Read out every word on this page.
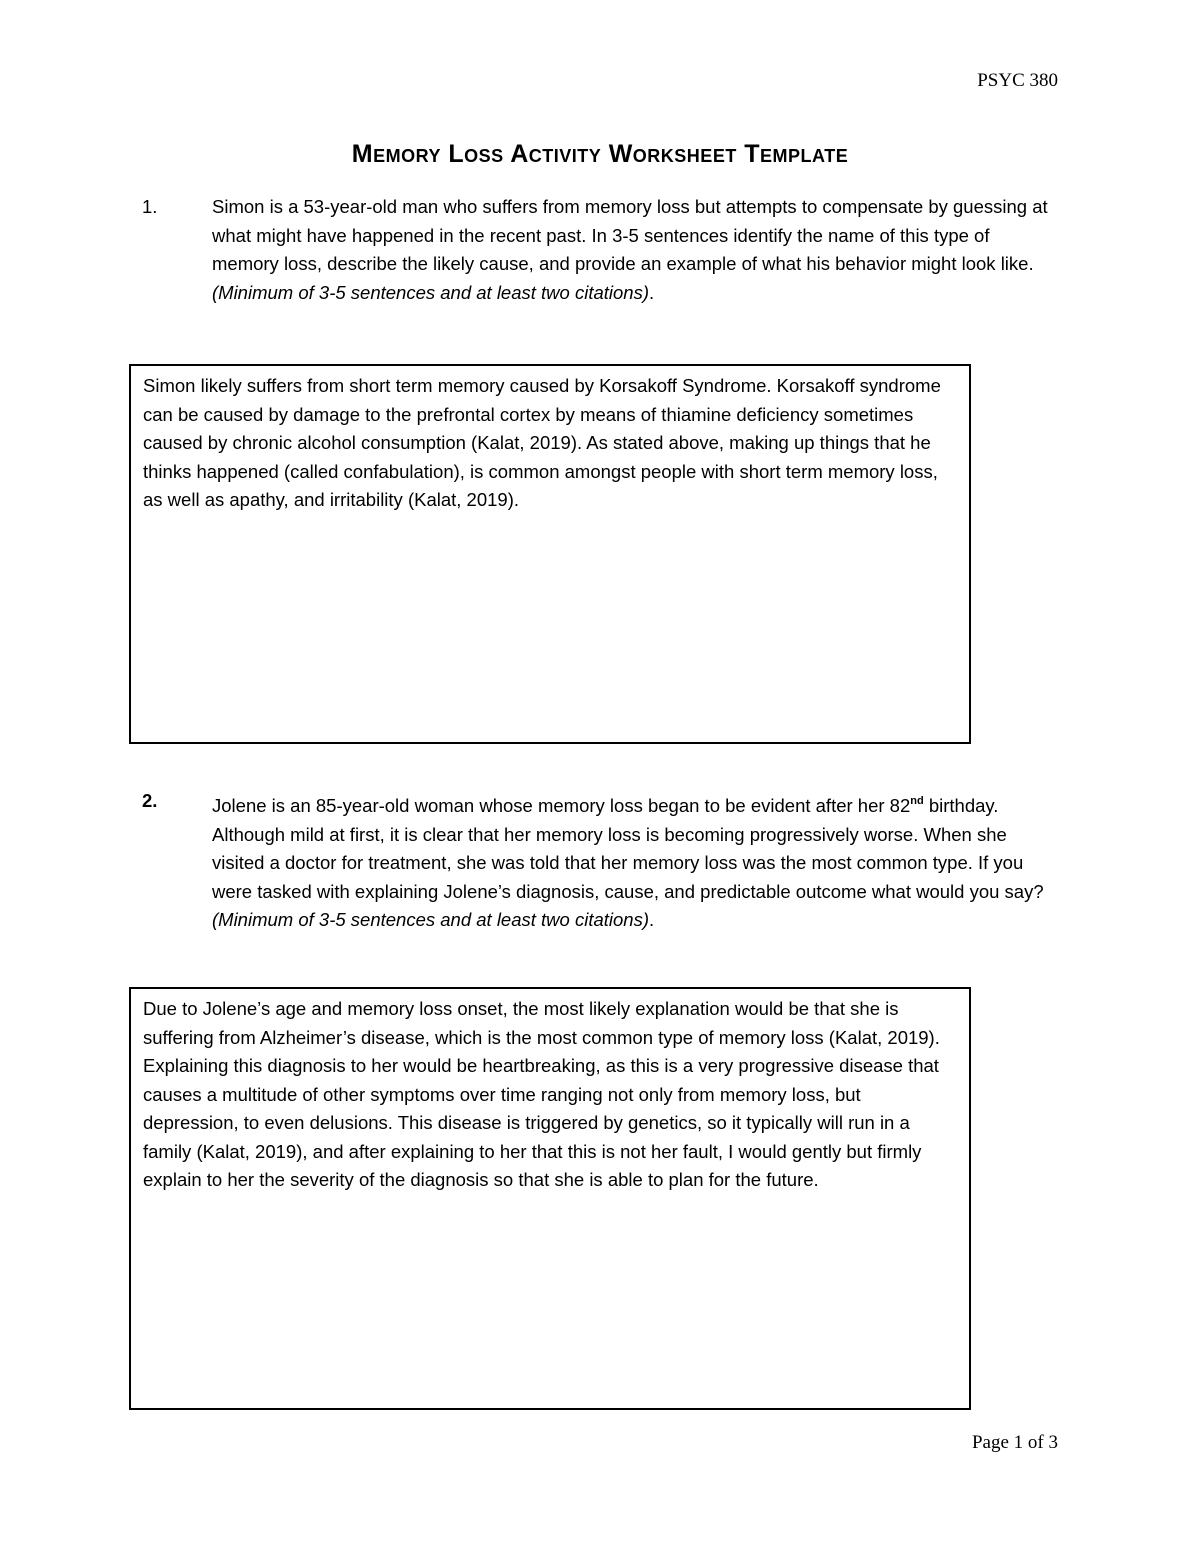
PSYC 380
Memory Loss Activity Worksheet Template
1.	Simon is a 53-year-old man who suffers from memory loss but attempts to compensate by guessing at what might have happened in the recent past. In 3-5 sentences identify the name of this type of memory loss, describe the likely cause, and provide an example of what his behavior might look like. (Minimum of 3-5 sentences and at least two citations).
Simon likely suffers from short term memory caused by Korsakoff Syndrome. Korsakoff syndrome can be caused by damage to the prefrontal cortex by means of thiamine deficiency sometimes caused by chronic alcohol consumption (Kalat, 2019). As stated above, making up things that he thinks happened (called confabulation), is common amongst people with short term memory loss, as well as apathy, and irritability (Kalat, 2019).
2.	Jolene is an 85-year-old woman whose memory loss began to be evident after her 82nd birthday. Although mild at first, it is clear that her memory loss is becoming progressively worse. When she visited a doctor for treatment, she was told that her memory loss was the most common type. If you were tasked with explaining Jolene’s diagnosis, cause, and predictable outcome what would you say? (Minimum of 3-5 sentences and at least two citations).
Due to Jolene’s age and memory loss onset, the most likely explanation would be that she is suffering from Alzheimer’s disease, which is the most common type of memory loss (Kalat, 2019). Explaining this diagnosis to her would be heartbreaking, as this is a very progressive disease that causes a multitude of other symptoms over time ranging not only from memory loss, but depression, to even delusions. This disease is triggered by genetics, so it typically will run in a family (Kalat, 2019), and after explaining to her that this is not her fault, I would gently but firmly explain to her the severity of the diagnosis so that she is able to plan for the future.
Page 1 of 3
